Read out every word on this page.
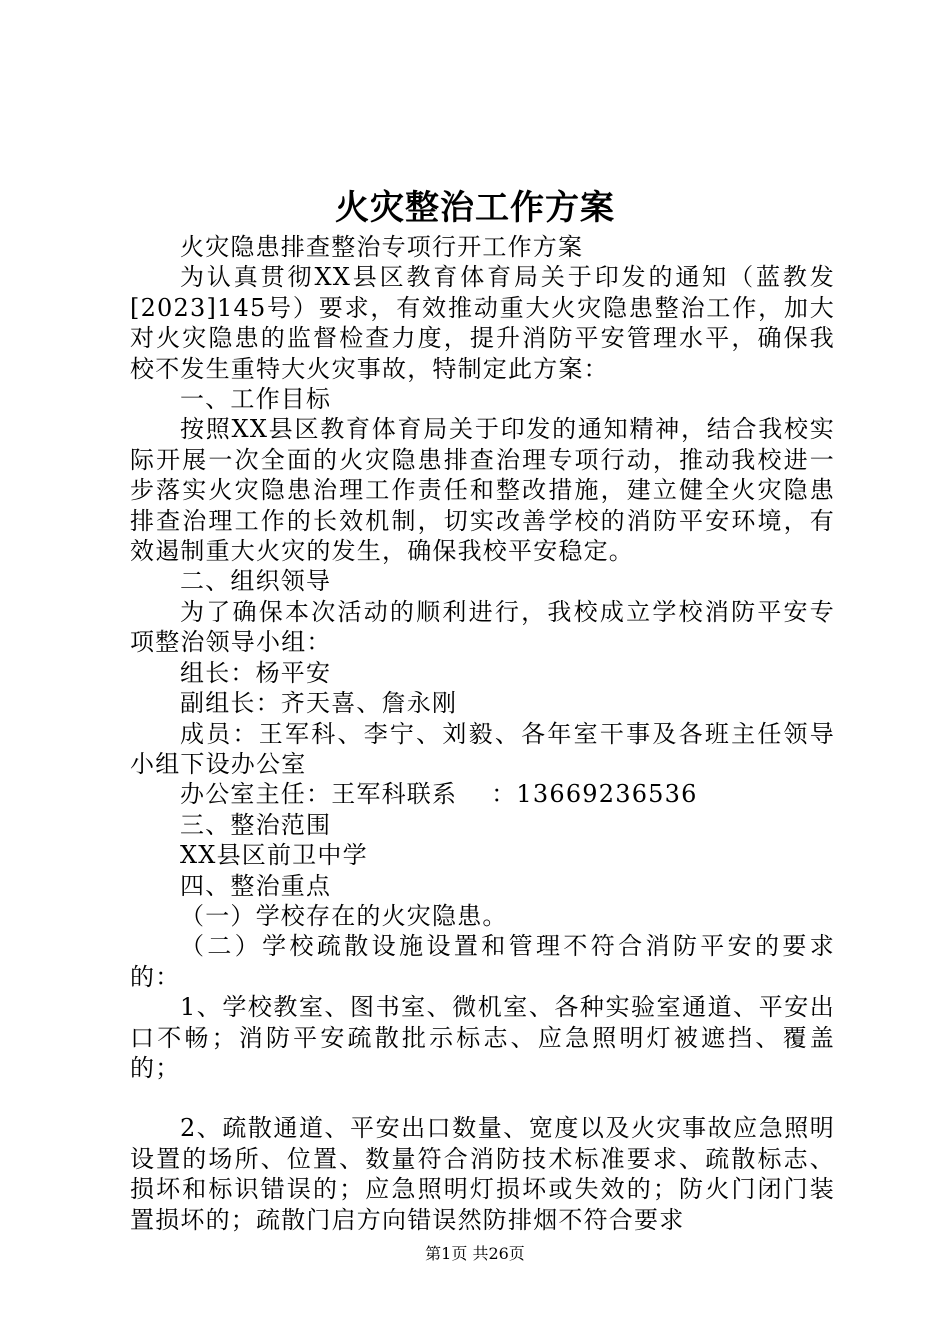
火灾整治工作方案

火灾隐患排查整治专项行开工作方案

为认真贯彻XX县区教育体育局关于印发的通知（蓝教发[2023]145号）要求，有效推动重大火灾隐患整治工作，加大对火灾隐患的监督检查力度，提升消防平安管理水平，确保我校不发生重特大火灾事故，特制定此方案：

一、工作目标

按照XX县区教育体育局关于印发的通知精神，结合我校实际开展一次全面的火灾隐患排查治理专项行动，推动我校进一步落实火灾隐患治理工作责任和整改措施，建立健全火灾隐患排查治理工作的长效机制，切实改善学校的消防平安环境，有效遏制重大火灾的发生，确保我校平安稳定。

二、组织领导

为了确保本次活动的顺利进行，我校成立学校消防平安专项整治领导小组：

组长：杨平安

副组长：齐天喜、詹永刚

成员：王军科、李宁、刘毅、各年室干事及各班主任领导小组下设办公室

办公室主任：王军科联系　 ：13669236536

三、整治范围

XX县区前卫中学

四、整治重点

（一）学校存在的火灾隐患。

（二）学校疏散设施设置和管理不符合消防平安的要求的：

1、学校教室、图书室、微机室、各种实验室通道、平安出口不畅；消防平安疏散批示标志、应急照明灯被遮挡、覆盖的；

2、疏散通道、平安出口数量、宽度以及火灾事故应急照明设置的场所、位置、数量符合消防技术标准要求、疏散标志、损坏和标识错误的；应急照明灯损坏或失效的；防火门闭门装置损坏的；疏散门启方向错误然防排烟不符合要求

第1页 共26页
